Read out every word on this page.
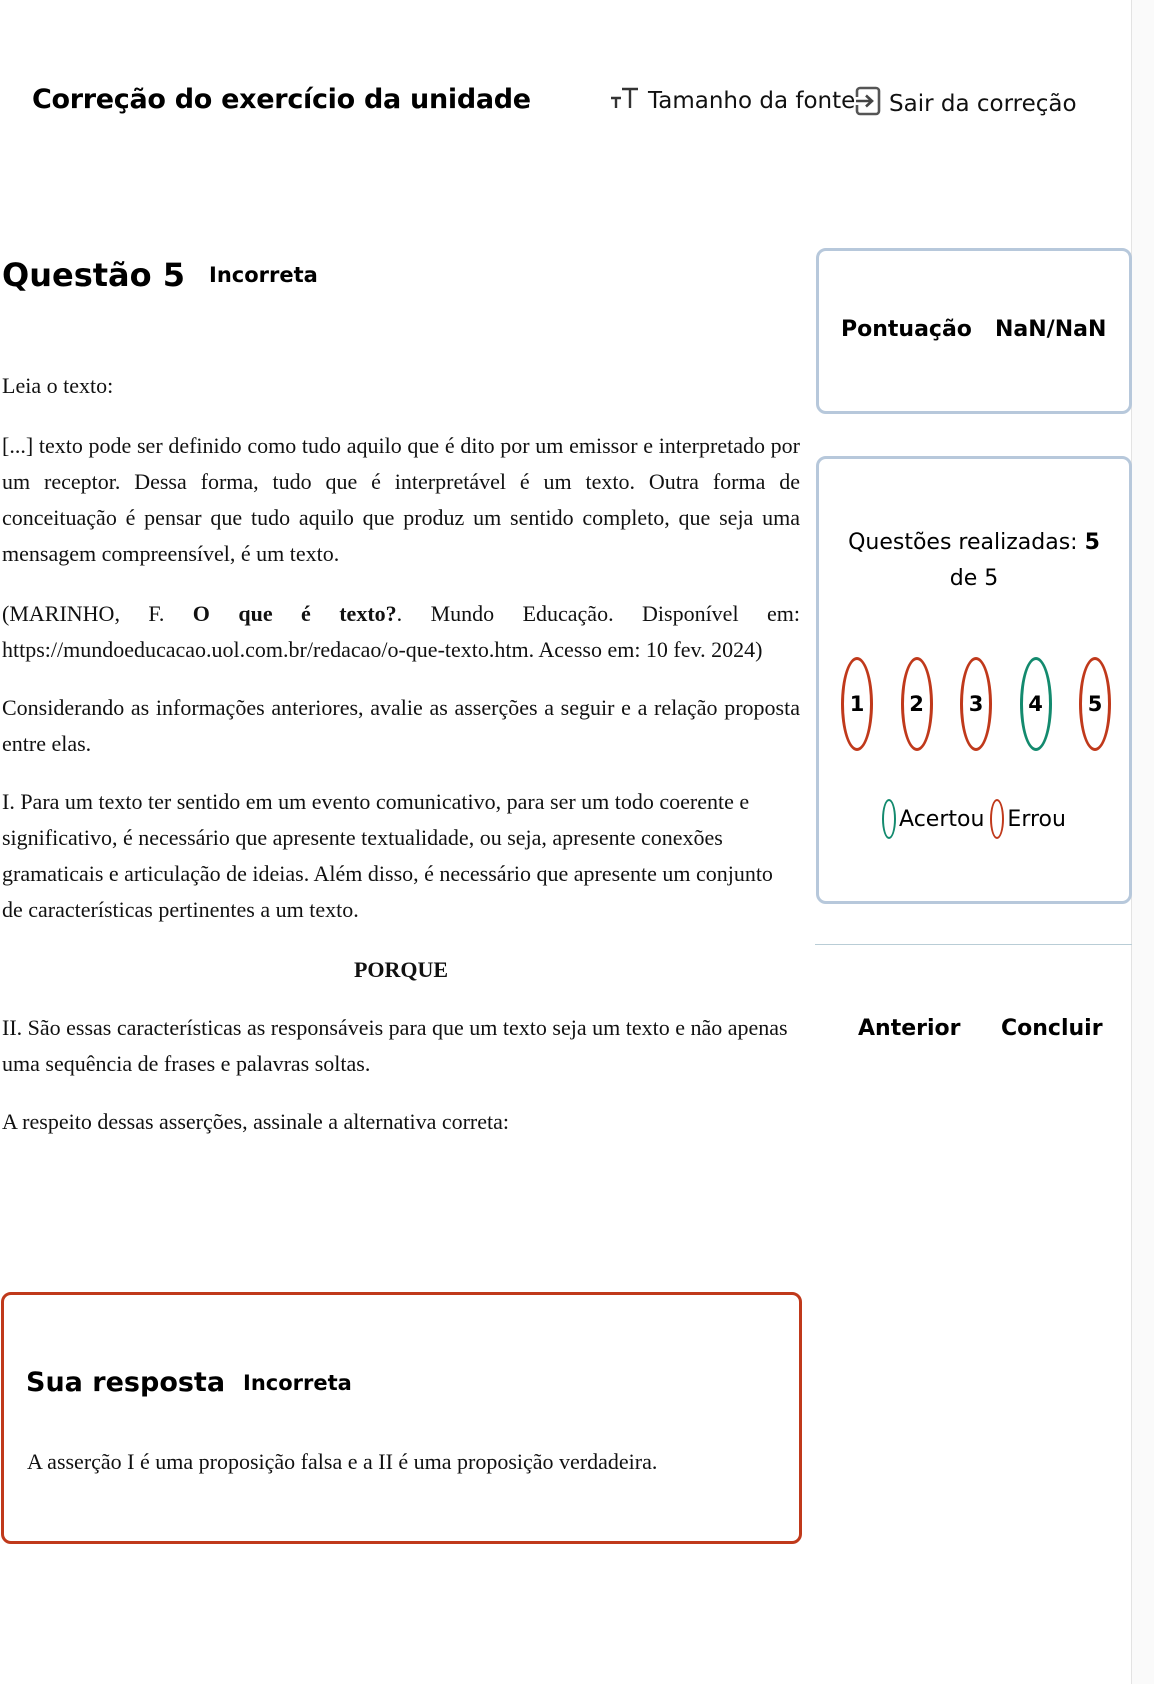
Correção do exercício da unidade	Tamanho da fonte Sair da correção
Questão 5 Incorreta

Leia o texto:

[...] texto pode ser definido como tudo aquilo que é dito por um emissor e interpretado por um receptor. Dessa forma, tudo que é interpretável é um texto. Outra forma de conceituação é pensar que tudo aquilo que produz um sentido completo, que seja uma mensagem compreensível, é um texto.

(MARINHO, F. O que é texto?. Mundo Educação. Disponível em: https://mundoeducacao.uol.com.br/redacao/o-que-texto.htm. Acesso em: 10 fev. 2024)

Considerando as informações anteriores, avalie as asserções a seguir e a relação proposta entre elas.

I. Para um texto ter sentido em um evento comunicativo, para ser um todo coerente e significativo, é necessário que apresente textualidade, ou seja, apresente conexões gramaticais e articulação de ideias. Além disso, é necessário que apresente um conjunto de características pertinentes a um texto.

PORQUE

II. São essas características as responsáveis para que um texto seja um texto e não apenas uma sequência de frases e palavras soltas.

A respeito dessas asserções, assinale a alternativa correta:

Pontuação NaN/NaN
Questões realizadas: 5
de 5
1	2	3	4	5
Acertou Errou
Anterior Concluir
Sua resposta Incorreta
A asserção I é uma proposição falsa e a II é uma proposição verdadeira.
